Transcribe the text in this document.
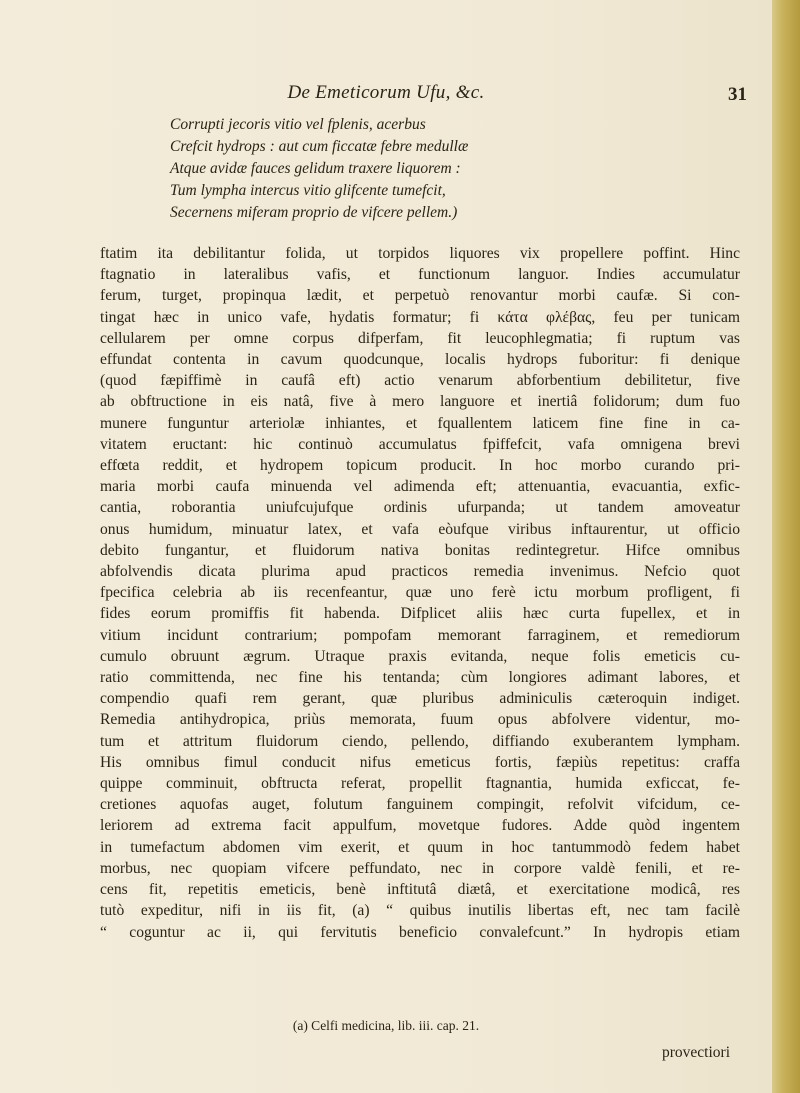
De Emeticorum Ufu, &c.	31
Corrupti jecoris vitio vel fplenis, acerbus
Crefcit hydrops : aut cum ficcatæ febre medullæ
Atque avidæ fauces gelidum traxere liquorem :
Tum lympha intercus vitio glifcente tumefcit,
Secernens miferam proprio de vifcere pellem.)
ftatim ita debilitantur folida, ut torpidos liquores vix propellere poffint. Hinc
ftagnatio in lateralibus vafis, et functionum languor. Indies accumulatur
ferum, turget, propinqua lædit, et perpetuò renovantur morbi caufæ. Si con-
tingat hæc in unico vafe, hydatis formatur; fi κάτα φλέβας, feu per tunicam
cellularem per omne corpus difperfam, fit leucophlegmatia; fi ruptum vas
effundat contenta in cavum quodcunque, localis hydrops fuboritur: fi denique
(quod fæpiffimè in caufâ eft) actio venarum abforbentium debilitetur, five
ab obftructione in eis natâ, five à mero languore et inertiâ folidorum; dum fuo
munere funguntur arteriolæ inhiantes, et fquallentem laticem fine fine in ca-
vitatem eructant: hic continuò accumulatus fpiffefcit, vafa omnigena brevi
effœta reddit, et hydropem topicum producit. In hoc morbo curando pri-
maria morbi caufa minuenda vel adimenda eft; attenuantia, evacuantia, exfic-
cantia, roborantia uniufcujufque ordinis ufurpanda; ut tandem amoveatur
onus humidum, minuatur latex, et vafa eòufque viribus inftaurentur, ut officio
debito fungantur, et fluidorum nativa bonitas redintegretur. Hifce omnibus
abfolvendis dicata plurima apud practicos remedia invenimus. Nefcio quot
fpecifica celebria ab iis recenfeantur, quæ uno ferè ictu morbum profligent, fi
fides eorum promiffis fit habenda. Difplicet aliis hæc curta fupellex, et in
vitium incidunt contrarium; pompofam memorant farraginem, et remediorum
cumulo obruunt ægrum. Utraque praxis evitanda, neque folis emeticis cu-
ratio committenda, nec fine his tentanda; cùm longiores adimant labores, et
compendio quafi rem gerant, quæ pluribus adminiculis cæteroquin indiget.
Remedia antihydropica, priùs memorata, fuum opus abfolvere videntur, mo-
tum et attritum fluidorum ciendo, pellendo, diffiando exuberantem lympham.
His omnibus fimul conducit nifus emeticus fortis, fæpiùs repetitus: craffa
quippe comminuit, obftructa referat, propellit ftagnantia, humida exficcat, fe-
cretiones aquofas auget, folutum fanguinem compingit, refolvit vifcidum, ce-
leriorem ad extrema facit appulfum, movetque fudores. Adde quòd ingentem
in tumefactum abdomen vim exerit, et quum in hoc tantummodò fedem habet
morbus, nec quopiam vifcere peffundato, nec in corpore valdè fenili, et re-
cens fit, repetitis emeticis, benè inftitutâ diætâ, et exercitatione modicâ, res
tutò expeditur, nifi in iis fit, (a) “ quibus inutilis libertas eft, nec tam facilè
“ coguntur ac ii, qui fervitutis beneficio convalefcunt.” In hydropis etiam
(a) Celfi medicina, lib. iii. cap. 21.
provectiori
